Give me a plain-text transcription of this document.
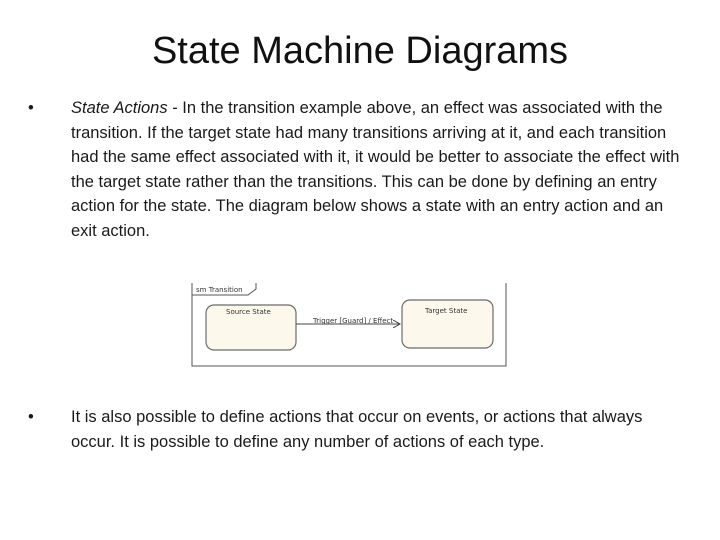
State Machine Diagrams
•	State Actions - In the transition example above, an effect was associated with the transition. If the target state had many transitions arriving at it, and each transition had the same effect associated with it, it would be better to associate the effect with the target state rather than the transitions. This can be done by defining an entry action for the state. The diagram below shows a state with an entry action and an exit action.
sm Transition
Source State
Trigger [Guard] / Effect
Target State
•	It is also possible to define actions that occur on events, or actions that always occur. It is possible to define any number of actions of each type.
